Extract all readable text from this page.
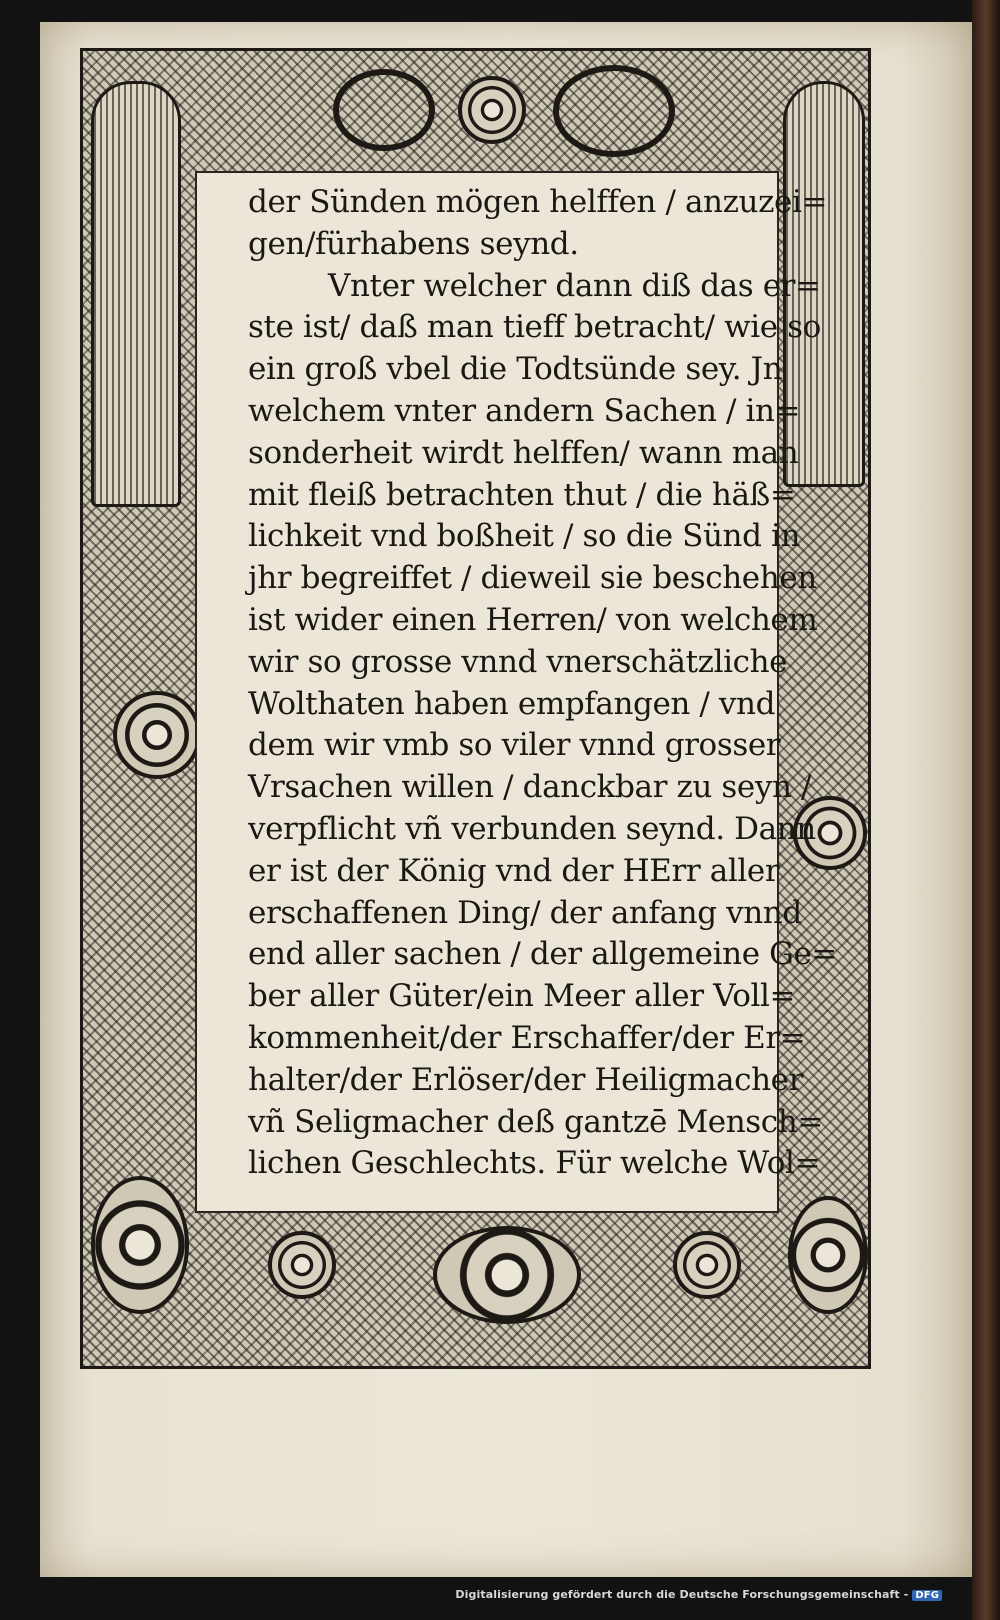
der Sünden mögen helffen / anzuzei=
gen/fürhabens seynd.
Vnter welcher dann diß das er=
ste ist/ daß man tieff betracht/ wie so
ein groß vbel die Todtsünde sey. Jn
welchem vnter andern Sachen / in=
sonderheit wirdt helffen/ wann man
mit fleiß betrachten thut / die häß=
lichkeit vnd boßheit / so die Sünd in
jhr begreiffet / dieweil sie beschehen
ist wider einen Herren/ von welchem
wir so grosse vnnd vnerschätzliche
Wolthaten haben empfangen / vnd
dem wir vmb so viler vnnd grosser
Vrsachen willen / danckbar zu seyn /
verpflicht vñ verbunden seynd. Dann
er ist der König vnd der HErr aller
erschaffenen Ding/ der anfang vnnd
end aller sachen / der allgemeine Ge=
ber aller Güter/ein Meer aller Voll=
kommenheit/der Erschaffer/der Er=
halter/der Erlöser/der Heiligmacher
vñ Seligmacher deß gantzē Mensch=
lichen Geschlechts. Für welche Wol=
Digitalisierung gefördert durch die Deutsche Forschungsgemeinschaft - DFG
